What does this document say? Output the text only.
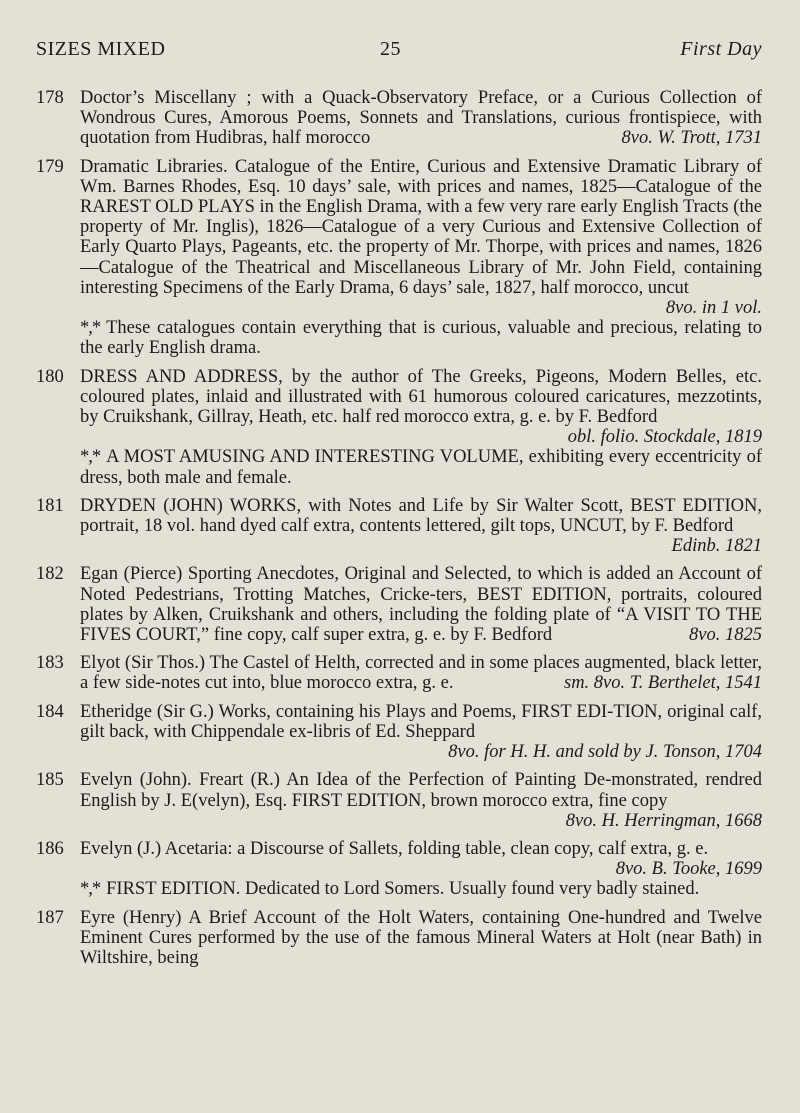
SIZES MIXED	25	First Day
178 Doctor’s Miscellany ; with a Quack-Observatory Preface, or a Curious Collection of Wondrous Cures, Amorous Poems, Sonnets and Translations, curious frontispiece, with quotation from Hudibras, half morocco	8vo. W. Trott, 1731
179 Dramatic Libraries. Catalogue of the Entire, Curious and Extensive Dramatic Library of Wm. Barnes Rhodes, Esq. 10 days’ sale, with prices and names, 1825—Catalogue of the RAREST OLD PLAYS in the English Drama, with a few very rare early English Tracts (the property of Mr. Inglis), 1826—Catalogue of a very Curious and Extensive Collection of Early Quarto Plays, Pageants, etc. the property of Mr. Thorpe, with prices and names, 1826—Catalogue of the Theatrical and Miscellaneous Library of Mr. John Field, containing interesting Specimens of the Early Drama, 6 days’ sale, 1827, half morocco, uncut
8vo. in 1 vol.
*,* These catalogues contain everything that is curious, valuable and precious, relating to the early English drama.
180 DRESS AND ADDRESS, by the author of The Greeks, Pigeons, Modern Belles, etc. coloured plates, inlaid and illustrated with 61 humorous coloured caricatures, mezzotints, by Cruikshank, Gillray, Heath, etc. half red morocco extra, g. e. by F. Bedford
obl. folio. Stockdale, 1819
*,* A MOST AMUSING AND INTERESTING VOLUME, exhibiting every eccentricity of dress, both male and female.
181 DRYDEN (JOHN) WORKS, with Notes and Life by Sir Walter Scott, BEST EDITION, portrait, 18 vol. hand dyed calf extra, contents lettered, gilt tops, UNCUT, by F. Bedford
Edinb. 1821
182 Egan (Pierce) Sporting Anecdotes, Original and Selected, to which is added an Account of Noted Pedestrians, Trotting Matches, Cricke-ters, BEST EDITION, portraits, coloured plates by Alken, Cruikshank and others, including the folding plate of “A VISIT TO THE FIVES COURT,” fine copy, calf super extra, g. e. by F. Bedford	8vo. 1825
183 Elyot (Sir Thos.) The Castel of Helth, corrected and in some places augmented, black letter, a few side-notes cut into, blue morocco extra, g. e.	sm. 8vo. T. Berthelet, 1541
184 Etheridge (Sir G.) Works, containing his Plays and Poems, FIRST EDI-TION, original calf, gilt back, with Chippendale ex-libris of Ed. Sheppard
8vo. for H. H. and sold by J. Tonson, 1704
185 Evelyn (John). Freart (R.) An Idea of the Perfection of Painting De-monstrated, rendred English by J. E(velyn), Esq. FIRST EDITION, brown morocco extra, fine copy
8vo. H. Herringman, 1668
186 Evelyn (J.) Acetaria: a Discourse of Sallets, folding table, clean copy, calf extra, g. e.
8vo. B. Tooke, 1699
*,* FIRST EDITION. Dedicated to Lord Somers. Usually found very badly stained.
187 Eyre (Henry) A Brief Account of the Holt Waters, containing One-hundred and Twelve Eminent Cures performed by the use of the famous Mineral Waters at Holt (near Bath) in Wiltshire, being
